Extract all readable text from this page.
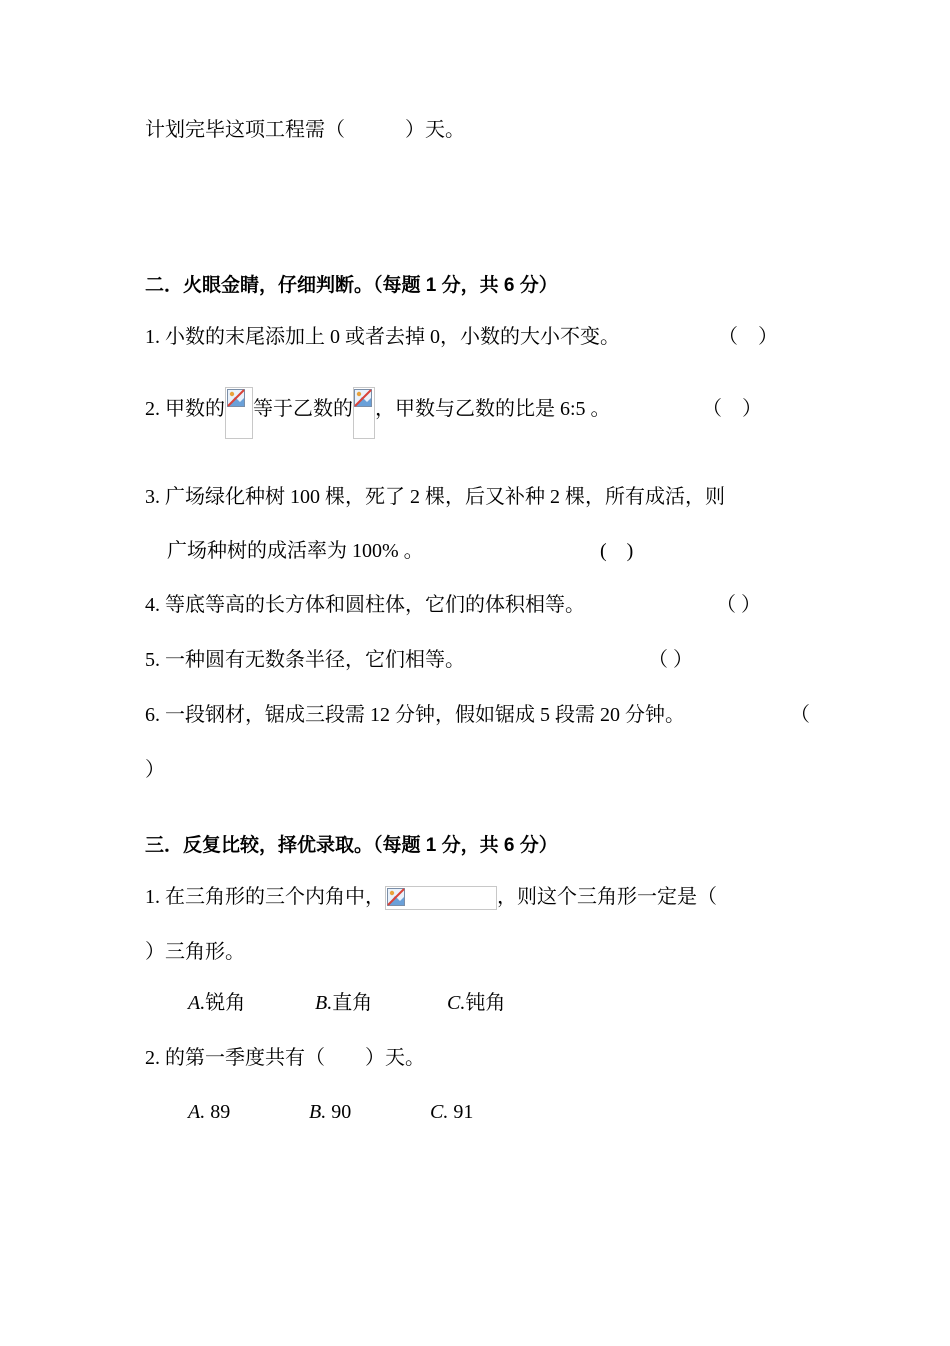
计划完毕这项工程需（　　　）天。
二．火眼金睛，仔细判断。（每题 1 分，共 6 分）
1. 小数的末尾添加上 0 或者去掉 0，小数的大小不变。	（　）
2. 甲数的 等于乙数的 ，甲数与乙数的比是 6:5 。	（　）
3. 广场绿化种树 100 棵，死了 2 棵，后又补种 2 棵，所有成活，则
广场种树的成活率为 100% 。	(　)
4. 等底等高的长方体和圆柱体，它们的体积相等。	（ ）
5. 一种圆有无数条半径，它们相等。	（ ）
6. 一段钢材，锯成三段需 12 分钟，假如锯成 5 段需 20 分钟。	（
）
三．反复比较，择优录取。（每题 1 分，共 6 分）
1. 在三角形的三个内角中，	，则这个三角形一定是（
）三角形。
A.锐角	B.直角	C.钝角
2. 的第一季度共有（　　）天。
A. 89	B. 90	C. 91
